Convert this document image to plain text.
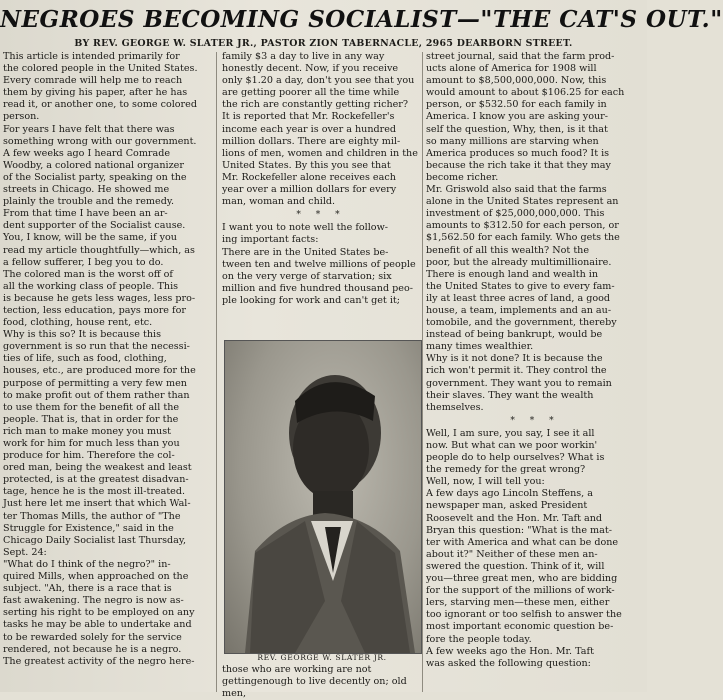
NEGROES BECOMING SOCIALIST—"THE CAT'S OUT."
BY REV. GEORGE W. SLATER JR., PASTOR ZION TABERNACLE, 2965 DEARBORN STREET.
This article is intended primarily for
the colored people in the United States.
Every comrade will help me to reach
them by giving his paper, after he has
read it, or another one, to some colored
person.
For years I have felt that there was
something wrong with our government.
A few weeks ago I heard Comrade
Woodby, a colored national organizer
of the Socialist party, speaking on the
streets in Chicago. He showed me
plainly the trouble and the remedy.
From that time I have been an ar-
dent supporter of the Socialist cause.
You, I know, will be the same, if you
read my article thoughtfully—which, as
a fellow sufferer, I beg you to do.
The colored man is the worst off of
all the working class of people. This
is because he gets less wages, less pro-
tection, less education, pays more for
food, clothing, house rent, etc.
Why is this so? It is because this
government is so run that the necessi-
ties of life, such as food, clothing,
houses, etc., are produced more for the
purpose of permitting a very few men
to make profit out of them rather than
to use them for the benefit of all the
people. That is, that in order for the
rich man to make money you must
work for him for much less than you
produce for him. Therefore the col-
ored man, being the weakest and least
protected, is at the greatest disadvan-
tage, hence he is the most ill-treated.
Just here let me insert that which Wal-
ter Thomas Mills, the author of "The
Struggle for Existence," said in the
Chicago Daily Socialist last Thursday,
Sept. 24:
"What do I think of the negro?" in-
quired Mills, when approached on the
subject. "Ah, there is a race that is
fast awakening. The negro is now as-
serting his right to be employed on any
tasks he may be able to undertake and
to be rewarded solely for the service
rendered, not because he is a negro.
The greatest activity of the negro here-
family $3 a day to live in any way
honestly decent. Now, if you receive
only $1.20 a day, don't you see that you
are getting poorer all the time while
the rich are constantly getting richer?
It is reported that Mr. Rockefeller's
income each year is over a hundred
million dollars. There are eighty mil-
lions of men, women and children in the
United States. By this you see that
Mr. Rockefeller alone receives each
year over a million dollars for every
man, woman and child.
* * *
I want you to note well the follow-
ing important facts:
There are in the United States be-
tween ten and twelve millions of people
on the very verge of starvation; six
million and five hundred thousand peo-
ple looking for work and can't get it;
REV. GEORGE W. SLATER JR.
those who are working are not gettingenough to live decently on; old men,
street journal, said that the farm prod-
ucts alone of America for 1908 will
amount to $8,500,000,000. Now, this
would amount to about $106.25 for each
person, or $532.50 for each family in
America. I know you are asking your-
self the question, Why, then, is it that
so many millions are starving when
America produces so much food? It is
because the rich take it that they may
become richer.
Mr. Griswold also said that the farms
alone in the United States represent an
investment of $25,000,000,000. This
amounts to $312.50 for each person, or
$1,562.50 for each family. Who gets the
benefit of all this wealth? Not the
poor, but the already multimillionaire.
There is enough land and wealth in
the United States to give to every fam-
ily at least three acres of land, a good
house, a team, implements and an au-
tomobile, and the government, thereby
instead of being bankrupt, would be
many times wealthier.
Why is it not done? It is because the
rich won't permit it. They control the
government. They want you to remain
their slaves. They want the wealth
themselves.
* * *
Well, I am sure, you say, I see it all
now. But what can we poor workin'
people do to help ourselves? What is
the remedy for the great wrong?
Well, now, I will tell you:
A few days ago Lincoln Steffens, a
newspaper man, asked President
Roosevelt and the Hon. Mr. Taft and
Bryan this question: "What is the mat-
ter with America and what can be done
about it?" Neither of these men an-
swered the question. Think of it, will
you—three great men, who are bidding
for the support of the millions of work-
lers, starving men—these men, either
too ignorant or too selfish to answer the
most important economic question be-
fore the people today.
A few weeks ago the Hon. Mr. Taft
was asked the following question:
